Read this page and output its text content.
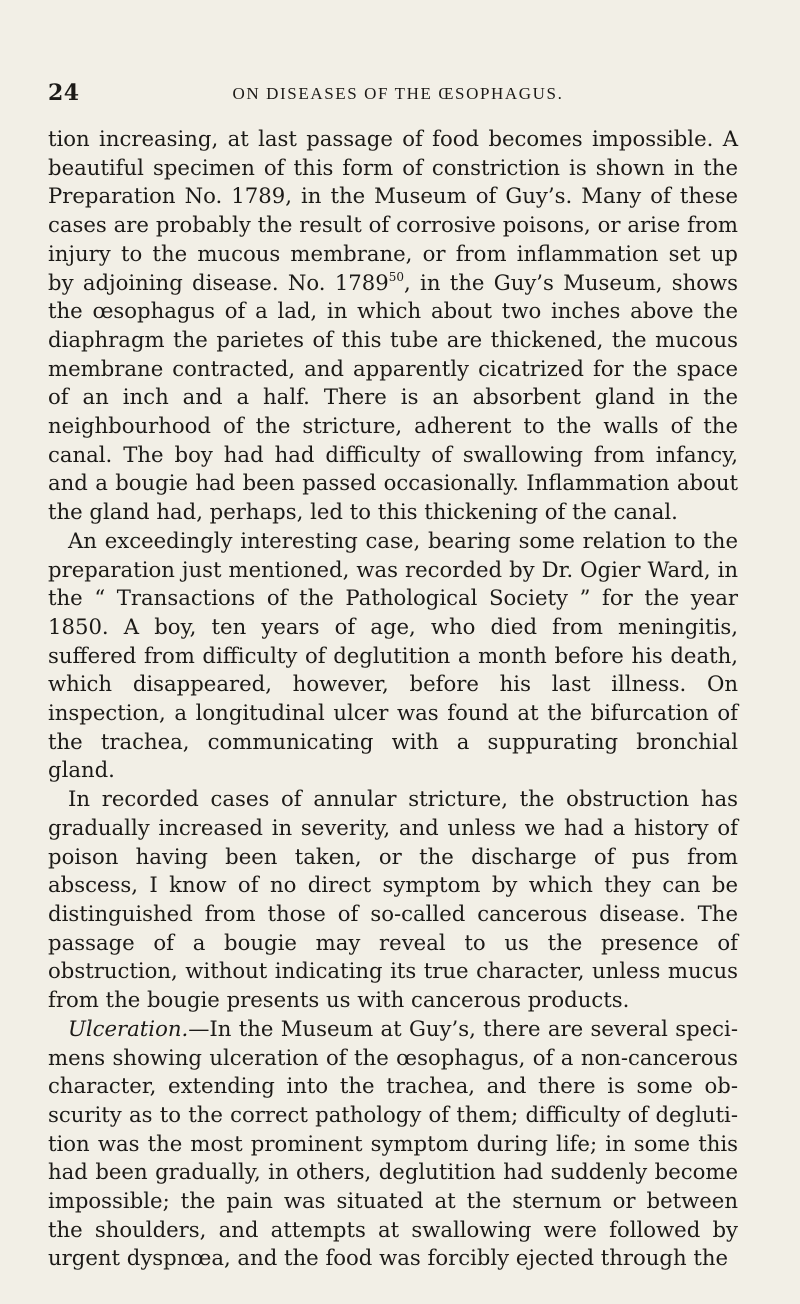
24	ON DISEASES OF THE ŒSOPHAGUS.

tion increasing, at last passage of food becomes impossible. A beautiful specimen of this form of constriction is shown in the Preparation No. 1789, in the Museum of Guy’s. Many of these cases are probably the result of corrosive poisons, or arise from injury to the mucous membrane, or from inflammation set up by adjoining disease. No. 1789$^{50}$, in the Guy’s Museum, shows the œsophagus of a lad, in which about two inches above the diaphragm the parietes of this tube are thickened, the mucous membrane contracted, and apparently cicatrized for the space of an inch and a half. There is an absorbent gland in the neighbourhood of the stricture, adherent to the walls of the canal. The boy had had difficulty of swallowing from infancy, and a bougie had been passed occasionally. Inflammation about the gland had, perhaps, led to this thickening of the canal.

An exceedingly interesting case, bearing some relation to the preparation just mentioned, was recorded by Dr. Ogier Ward, in the “ Transactions of the Pathological Society ” for the year 1850. A boy, ten years of age, who died from meningitis, suffered from difficulty of deglutition a month before his death, which disappeared, however, before his last illness. On inspection, a longitudinal ulcer was found at the bifurcation of the trachea, communicating with a suppurating bronchial gland.

In recorded cases of annular stricture, the obstruction has gradually increased in severity, and unless we had a history of poison having been taken, or the discharge of pus from abscess, I know of no direct symptom by which they can be distinguished from those of so-called cancerous disease. The passage of a bougie may reveal to us the presence of obstruction, without indicating its true character, unless mucus from the bougie presents us with cancerous products.

Ulceration.—In the Museum at Guy’s, there are several specimens showing ulceration of the œsophagus, of a non-cancerous character, extending into the trachea, and there is some obscurity as to the correct pathology of them; difficulty of deglutition was the most prominent symptom during life; in some this had been gradually, in others, deglutition had suddenly become impossible; the pain was situated at the sternum or between the shoulders, and attempts at swallowing were followed by urgent dyspnœa, and the food was forcibly ejected through the
